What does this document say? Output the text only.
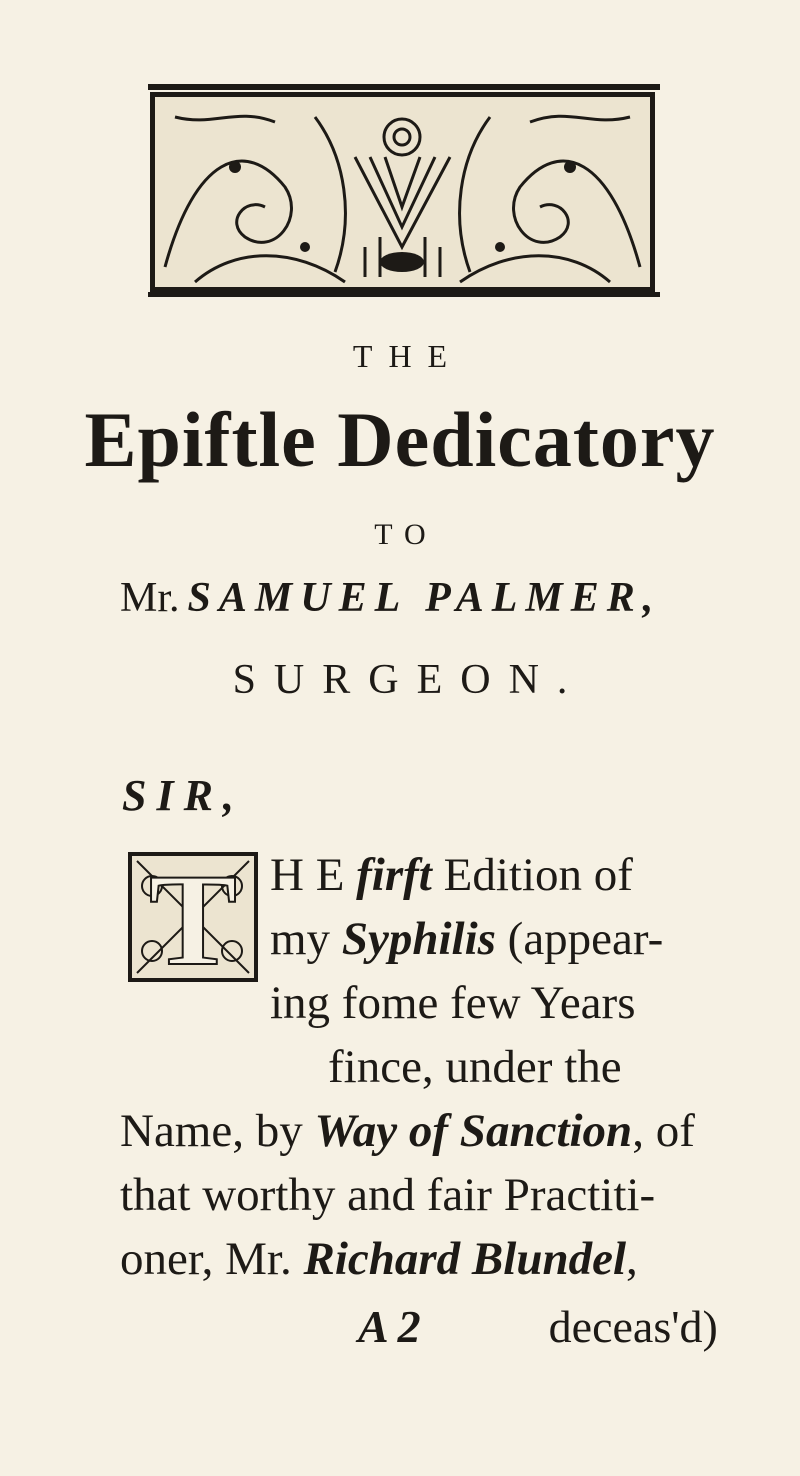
THE
Epiftle Dedicatory
TO
Mr. SAMUEL PALMER,
SURGEON.
SIR,
T H E firft Edition of
my Syphilis (appear-
ing fome few Years
fince, under the
Name, by Way of Sanction, of
that worthy and fair Practiti-
oner, Mr. Richard Blundel,
A 2	deceas'd)
